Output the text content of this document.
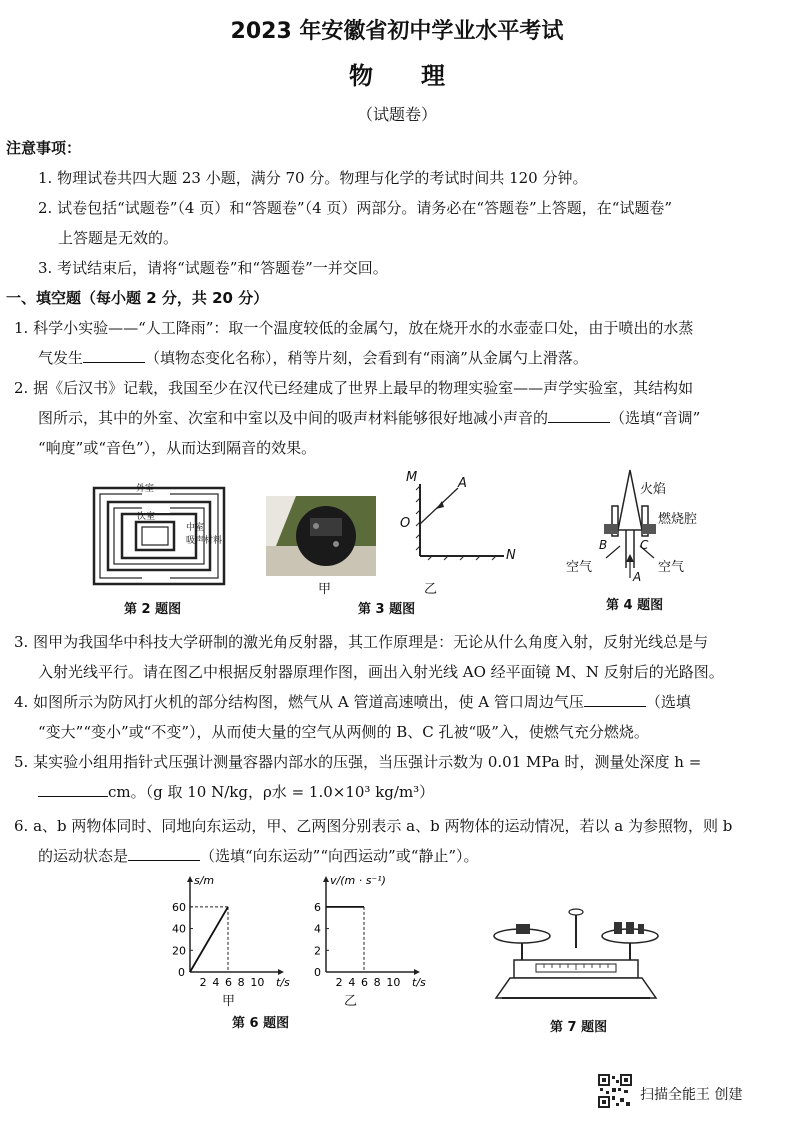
2023 年安徽省初中学业水平考试
物　　理
（试题卷）
注意事项：
1. 物理试卷共四大题 23 小题，满分 70 分。物理与化学的考试时间共 120 分钟。
2. 试卷包括“试题卷”（4 页）和“答题卷”（4 页）两部分。请务必在“答题卷”上答题，在“试题卷”
上答题是无效的。
3. 考试结束后，请将“试题卷”和“答题卷”一并交回。
一、填空题（每小题 2 分，共 20 分）
1. 科学小实验——“人工降雨”：取一个温度较低的金属勺，放在烧开水的水壶壶口处，由于喷出的水蒸
气发生	（填物态变化名称），稍等片刻，会看到有“雨滴”从金属勺上滑落。
2. 据《后汉书》记载，我国至少在汉代已经建成了世界上最早的物理实验室——声学实验室，其结构如
图所示，其中的外室、次室和中室以及中间的吸声材料能够很好地减小声音的	（选填“音调”
“响度”或“音色”），从而达到隔音的效果。
外室
次室
中室
吸声材料
第 2 题图
甲
M	A
O
N
乙
第 3 题图
火焰
燃烧腔
B	C
空气	空气
A
第 4 题图
3. 图甲为我国华中科技大学研制的激光角反射器，其工作原理是：无论从什么角度入射，反射光线总是与
入射光线平行。请在图乙中根据反射器原理作图，画出入射光线 AO 经平面镜 M、N 反射后的光路图。
4. 如图所示为防风打火机的部分结构图，燃气从 A 管道高速喷出，使 A 管口周边气压	（选填
“变大”“变小”或“不变”），从而使大量的空气从两侧的 B、C 孔被“吸”入，使燃气充分燃烧。
5. 某实验小组用指针式压强计测量容器内部水的压强，当压强计示数为 0.01 MPa 时，测量处深度 h =
cm。（g 取 10 N/kg，ρ水 = 1.0×10³ kg/m³）
6. a、b 两物体同时、同地向东运动，甲、乙两图分别表示 a、b 两物体的运动情况，若以 a 为参照物，则 b
的运动状态是	（选填“向东运动”“向西运动”或“静止”）。
t/s
s/m
0
2 4 6 8 10
20
40
60
t/s
v/(m · s⁻¹)
0
2 4 6 8 10
2
4
6
甲	乙
第 6 题图	第 7 题图
扫描全能王 创建
